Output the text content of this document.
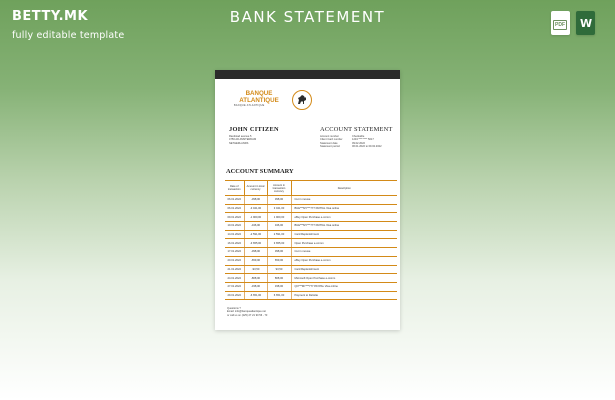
BETTY.MK
fully editable template
BANK STATEMENT	PDF W
BANQUE
ATLANTIQUE
BANQUE ATLANTIQUE
JOHN CITIZEN
Randstad avenue 5
4756 AD AMSTERDAM
NETHERLANDS
ACCOUNT STATEMENT
Account number	Checkable
Client Card number	1234 **** **** 5017
Statement date	09.02.2022
Statement period	06.01.2022 to 09.02.2022
ACCOUNT SUMMARY
Date of transaction	Amount in local currency	Amount in transaction currency	Description
06.01.2022	-398,00	398,00	Cut in mouse
06.01.2022	-3 041,00	3 041,00	BUE***MY***777 PAYPAL Visa online
09.01.2022	-1 900,00	1 900,00	eBuy Open Purchase e-comm
10.01.2022	-346,00	346,00	BUE***MY***777 PAYPAL Visa online
14.01.2022	-2 591,00	2 591,00	Card Replenishment
16.01.2022	-3 655,00	3 655,00	Open Purchase e-comm
17.01.2022	-398,00	398,00	Cut in mouse
20.01.2022	-659,00	659,00	eBuy Open Purchase e-comm
21.01.2022	-93,50	93,50	Card Replenishment
24.01.2022	-868,00	868,00	Microsoft Open Purchase e-comm
27.01.2022	-338,00	338,00	QO***MY***777 PAYPAL Visa online
29.01.2022	-6 651,00	6 651,00	Payment to Deloitte
Questions ?
Email: info@banqueatlantique.net
or call us on (225) 27 21 90 56 - 73
